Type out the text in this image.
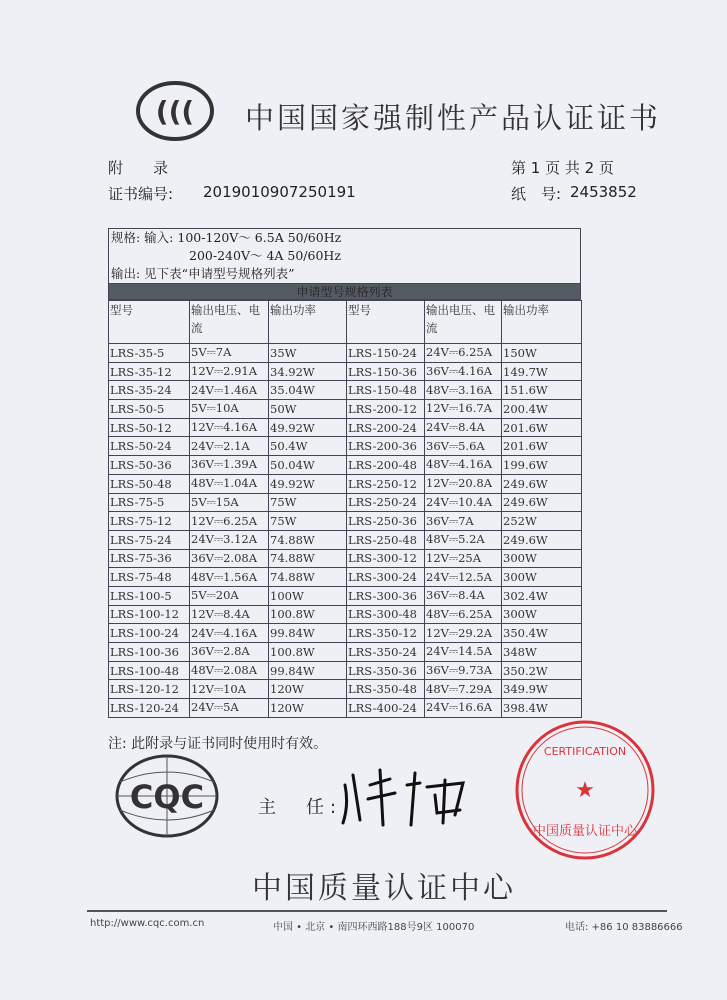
((( 中国国家强制性产品认证证书
附　　录	第 1 页 共 2 页
证书编号: 2019010907250191	纸　号: 2453852
规格: 输入: 100-120V～ 6.5A 50/60Hz
200-240V～ 4A 50/60Hz
输出: 见下表“申请型号规格列表”
申请型号规格列表
型号	输出电压、电流	输出功率	型号	输出电压、电流	输出功率
LRS-35-5	5V⎓7A	35W	LRS-150-24	24V⎓6.25A	150W
LRS-35-12	12V⎓2.91A	34.92W	LRS-150-36	36V⎓4.16A	149.7W
LRS-35-24	24V⎓1.46A	35.04W	LRS-150-48	48V⎓3.16A	151.6W
LRS-50-5	5V⎓10A	50W	LRS-200-12	12V⎓16.7A	200.4W
LRS-50-12	12V⎓4.16A	49.92W	LRS-200-24	24V⎓8.4A	201.6W
LRS-50-24	24V⎓2.1A	50.4W	LRS-200-36	36V⎓5.6A	201.6W
LRS-50-36	36V⎓1.39A	50.04W	LRS-200-48	48V⎓4.16A	199.6W
LRS-50-48	48V⎓1.04A	49.92W	LRS-250-12	12V⎓20.8A	249.6W
LRS-75-5	5V⎓15A	75W	LRS-250-24	24V⎓10.4A	249.6W
LRS-75-12	12V⎓6.25A	75W	LRS-250-36	36V⎓7A	252W
LRS-75-24	24V⎓3.12A	74.88W	LRS-250-48	48V⎓5.2A	249.6W
LRS-75-36	36V⎓2.08A	74.88W	LRS-300-12	12V⎓25A	300W
LRS-75-48	48V⎓1.56A	74.88W	LRS-300-24	24V⎓12.5A	300W
LRS-100-5	5V⎓20A	100W	LRS-300-36	36V⎓8.4A	302.4W
LRS-100-12	12V⎓8.4A	100.8W	LRS-300-48	48V⎓6.25A	300W
LRS-100-24	24V⎓4.16A	99.84W	LRS-350-12	12V⎓29.2A	350.4W
LRS-100-36	36V⎓2.8A	100.8W	LRS-350-24	24V⎓14.5A	348W
LRS-100-48	48V⎓2.08A	99.84W	LRS-350-36	36V⎓9.73A	350.2W
LRS-120-12	12V⎓10A	120W	LRS-350-48	48V⎓7.29A	349.9W
LRS-120-24	24V⎓5A	120W	LRS-400-24	24V⎓16.6A	398.4W
注: 此附录与证书同时使用时有效。
CQC	主　任:
★
CERTIFICATION
中国质量认证中心
中国质量认证中心
http://www.cqc.com.cn	中国 • 北京 • 南四环西路188号9区 100070	电话: +86 10 83886666
